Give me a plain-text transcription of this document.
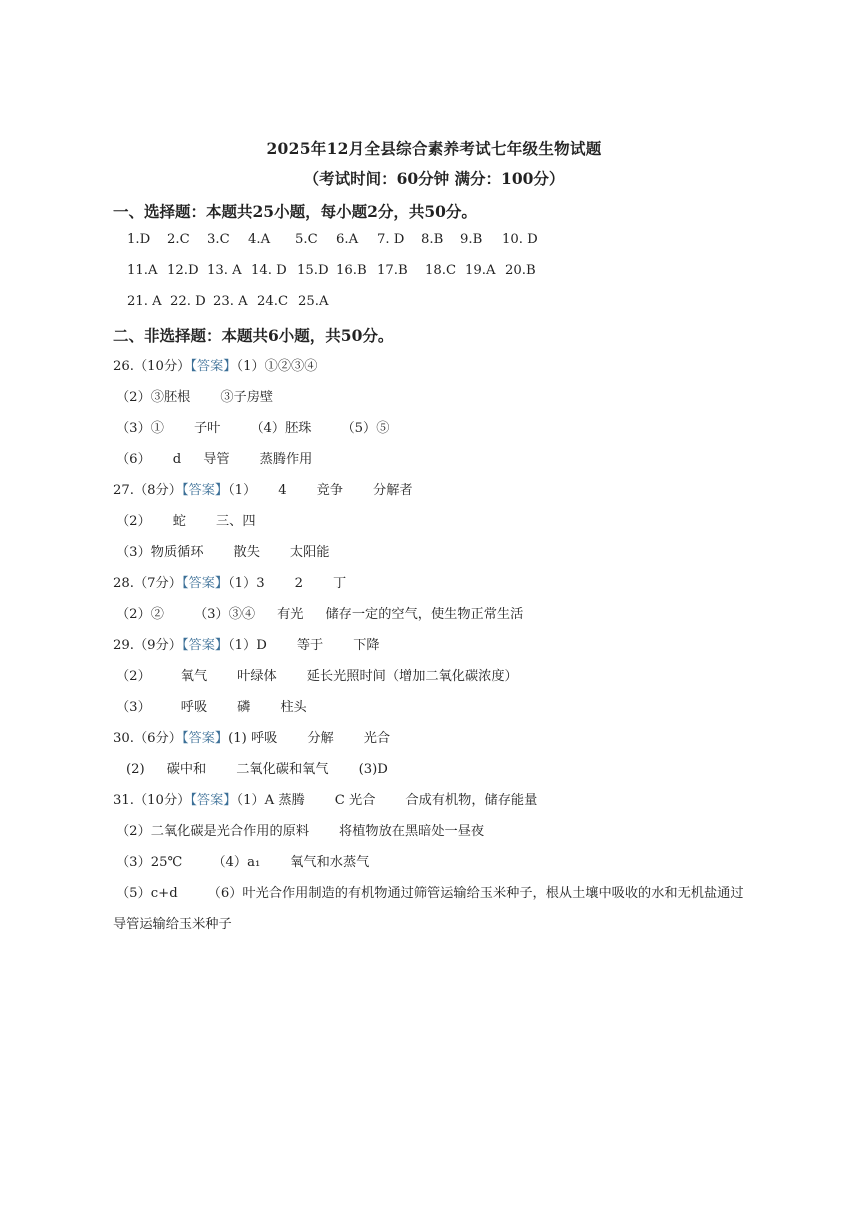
2025年12月全县综合素养考试七年级生物试题
（考试时间：60分钟 满分：100分）
一、选择题：本题共25小题，每小题2分，共50分。
1.D 2.C 3.C 4.A 5.C 6.A 7. D 8.B 9.B 10. D
11.A 12.D 13. A 14. D 15.D 16.B 17.B 18.C 19.A 20.B
21. A 22. D 23. A 24.C 25.A
二、非选择题：本题共6小题，共50分。
26.（10分）【答案】（1）①②③④
（2）③胚根 ③子房壁
（3）① 子叶 （4）胚珠 （5）⑤
（6） d 导管 蒸腾作用
27.（8分）【答案】（1） 4 竞争 分解者
（2） 蛇 三、四
（3）物质循环 散失 太阳能
28.（7分）【答案】（1）3 2 丁
（2）② （3）③④ 有光 储存一定的空气，使生物正常生活
29.（9分）【答案】（1）D 等于 下降
（2） 氧气 叶绿体 延长光照时间（增加二氧化碳浓度）
（3） 呼吸 磷 柱头
30.（6分）【答案】(1) 呼吸 分解 光合
(2) 碳中和 二氧化碳和氧气 (3)D
31.（10分）【答案】（1）A 蒸腾 C 光合 合成有机物，储存能量
（2）二氧化碳是光合作用的原料 将植物放在黑暗处一昼夜
（3）25℃ （4）a₁ 氧气和水蒸气
（5）c+d （6）叶光合作用制造的有机物通过筛管运输给玉米种子，根从土壤中吸收的水和无机盐通过
导管运输给玉米种子
